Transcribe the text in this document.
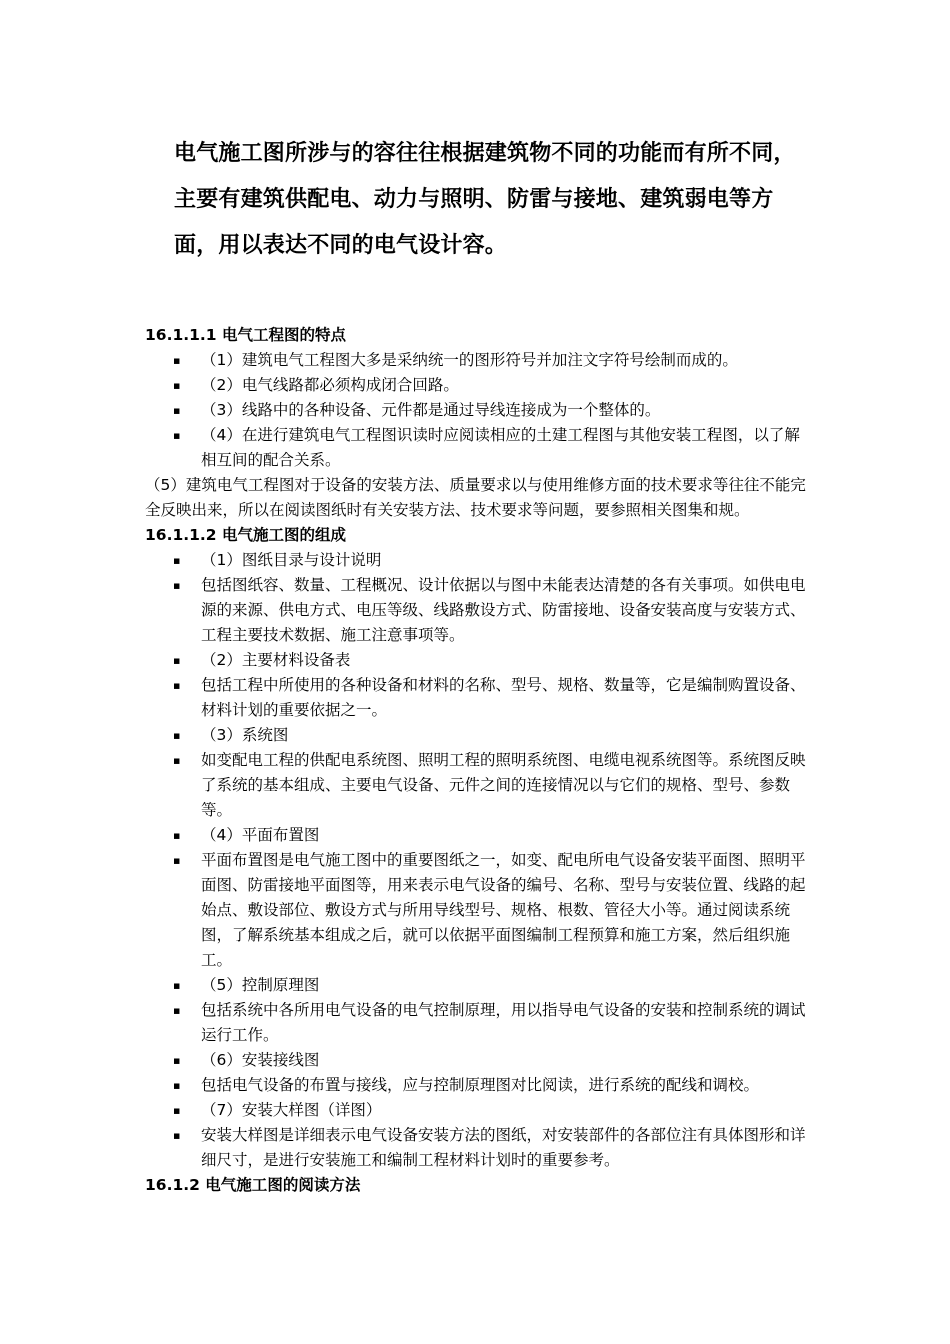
电气施工图所涉与的容往往根据建筑物不同的功能而有所不同，主要有建筑供配电、动力与照明、防雷与接地、建筑弱电等方面，用以表达不同的电气设计容。
16.1.1.1 电气工程图的特点
▪ （1）建筑电气工程图大多是采纳统一的图形符号并加注文字符号绘制而成的。
▪ （2）电气线路都必须构成闭合回路。
▪ （3）线路中的各种设备、元件都是通过导线连接成为一个整体的。
▪ （4）在进行建筑电气工程图识读时应阅读相应的土建工程图与其他安装工程图，以了解相互间的配合关系。

（5）建筑电气工程图对于设备的安装方法、质量要求以与使用维修方面的技术要求等往往不能完全反映出来，所以在阅读图纸时有关安装方法、技术要求等问题，要参照相关图集和规。

16.1.1.2 电气施工图的组成
▪ （1）图纸目录与设计说明
▪ 包括图纸容、数量、工程概况、设计依据以与图中未能表达清楚的各有关事项。如供电电源的来源、供电方式、电压等级、线路敷设方式、防雷接地、设备安装高度与安装方式、工程主要技术数据、施工注意事项等。
▪ （2）主要材料设备表
▪ 包括工程中所使用的各种设备和材料的名称、型号、规格、数量等，它是编制购置设备、材料计划的重要依据之一。
▪ （3）系统图
▪ 如变配电工程的供配电系统图、照明工程的照明系统图、电缆电视系统图等。系统图反映了系统的基本组成、主要电气设备、元件之间的连接情况以与它们的规格、型号、参数等。
▪ （4）平面布置图
▪ 平面布置图是电气施工图中的重要图纸之一，如变、配电所电气设备安装平面图、照明平面图、防雷接地平面图等，用来表示电气设备的编号、名称、型号与安装位置、线路的起始点、敷设部位、敷设方式与所用导线型号、规格、根数、管径大小等。通过阅读系统图，了解系统基本组成之后，就可以依据平面图编制工程预算和施工方案，然后组织施工。
▪ （5）控制原理图
▪ 包括系统中各所用电气设备的电气控制原理，用以指导电气设备的安装和控制系统的调试运行工作。
▪ （6）安装接线图
▪ 包括电气设备的布置与接线，应与控制原理图对比阅读，进行系统的配线和调校。
▪ （7）安装大样图（详图）
▪ 安装大样图是详细表示电气设备安装方法的图纸，对安装部件的各部位注有具体图形和详细尺寸，是进行安装施工和编制工程材料计划时的重要参考。
16.1.2 电气施工图的阅读方法
